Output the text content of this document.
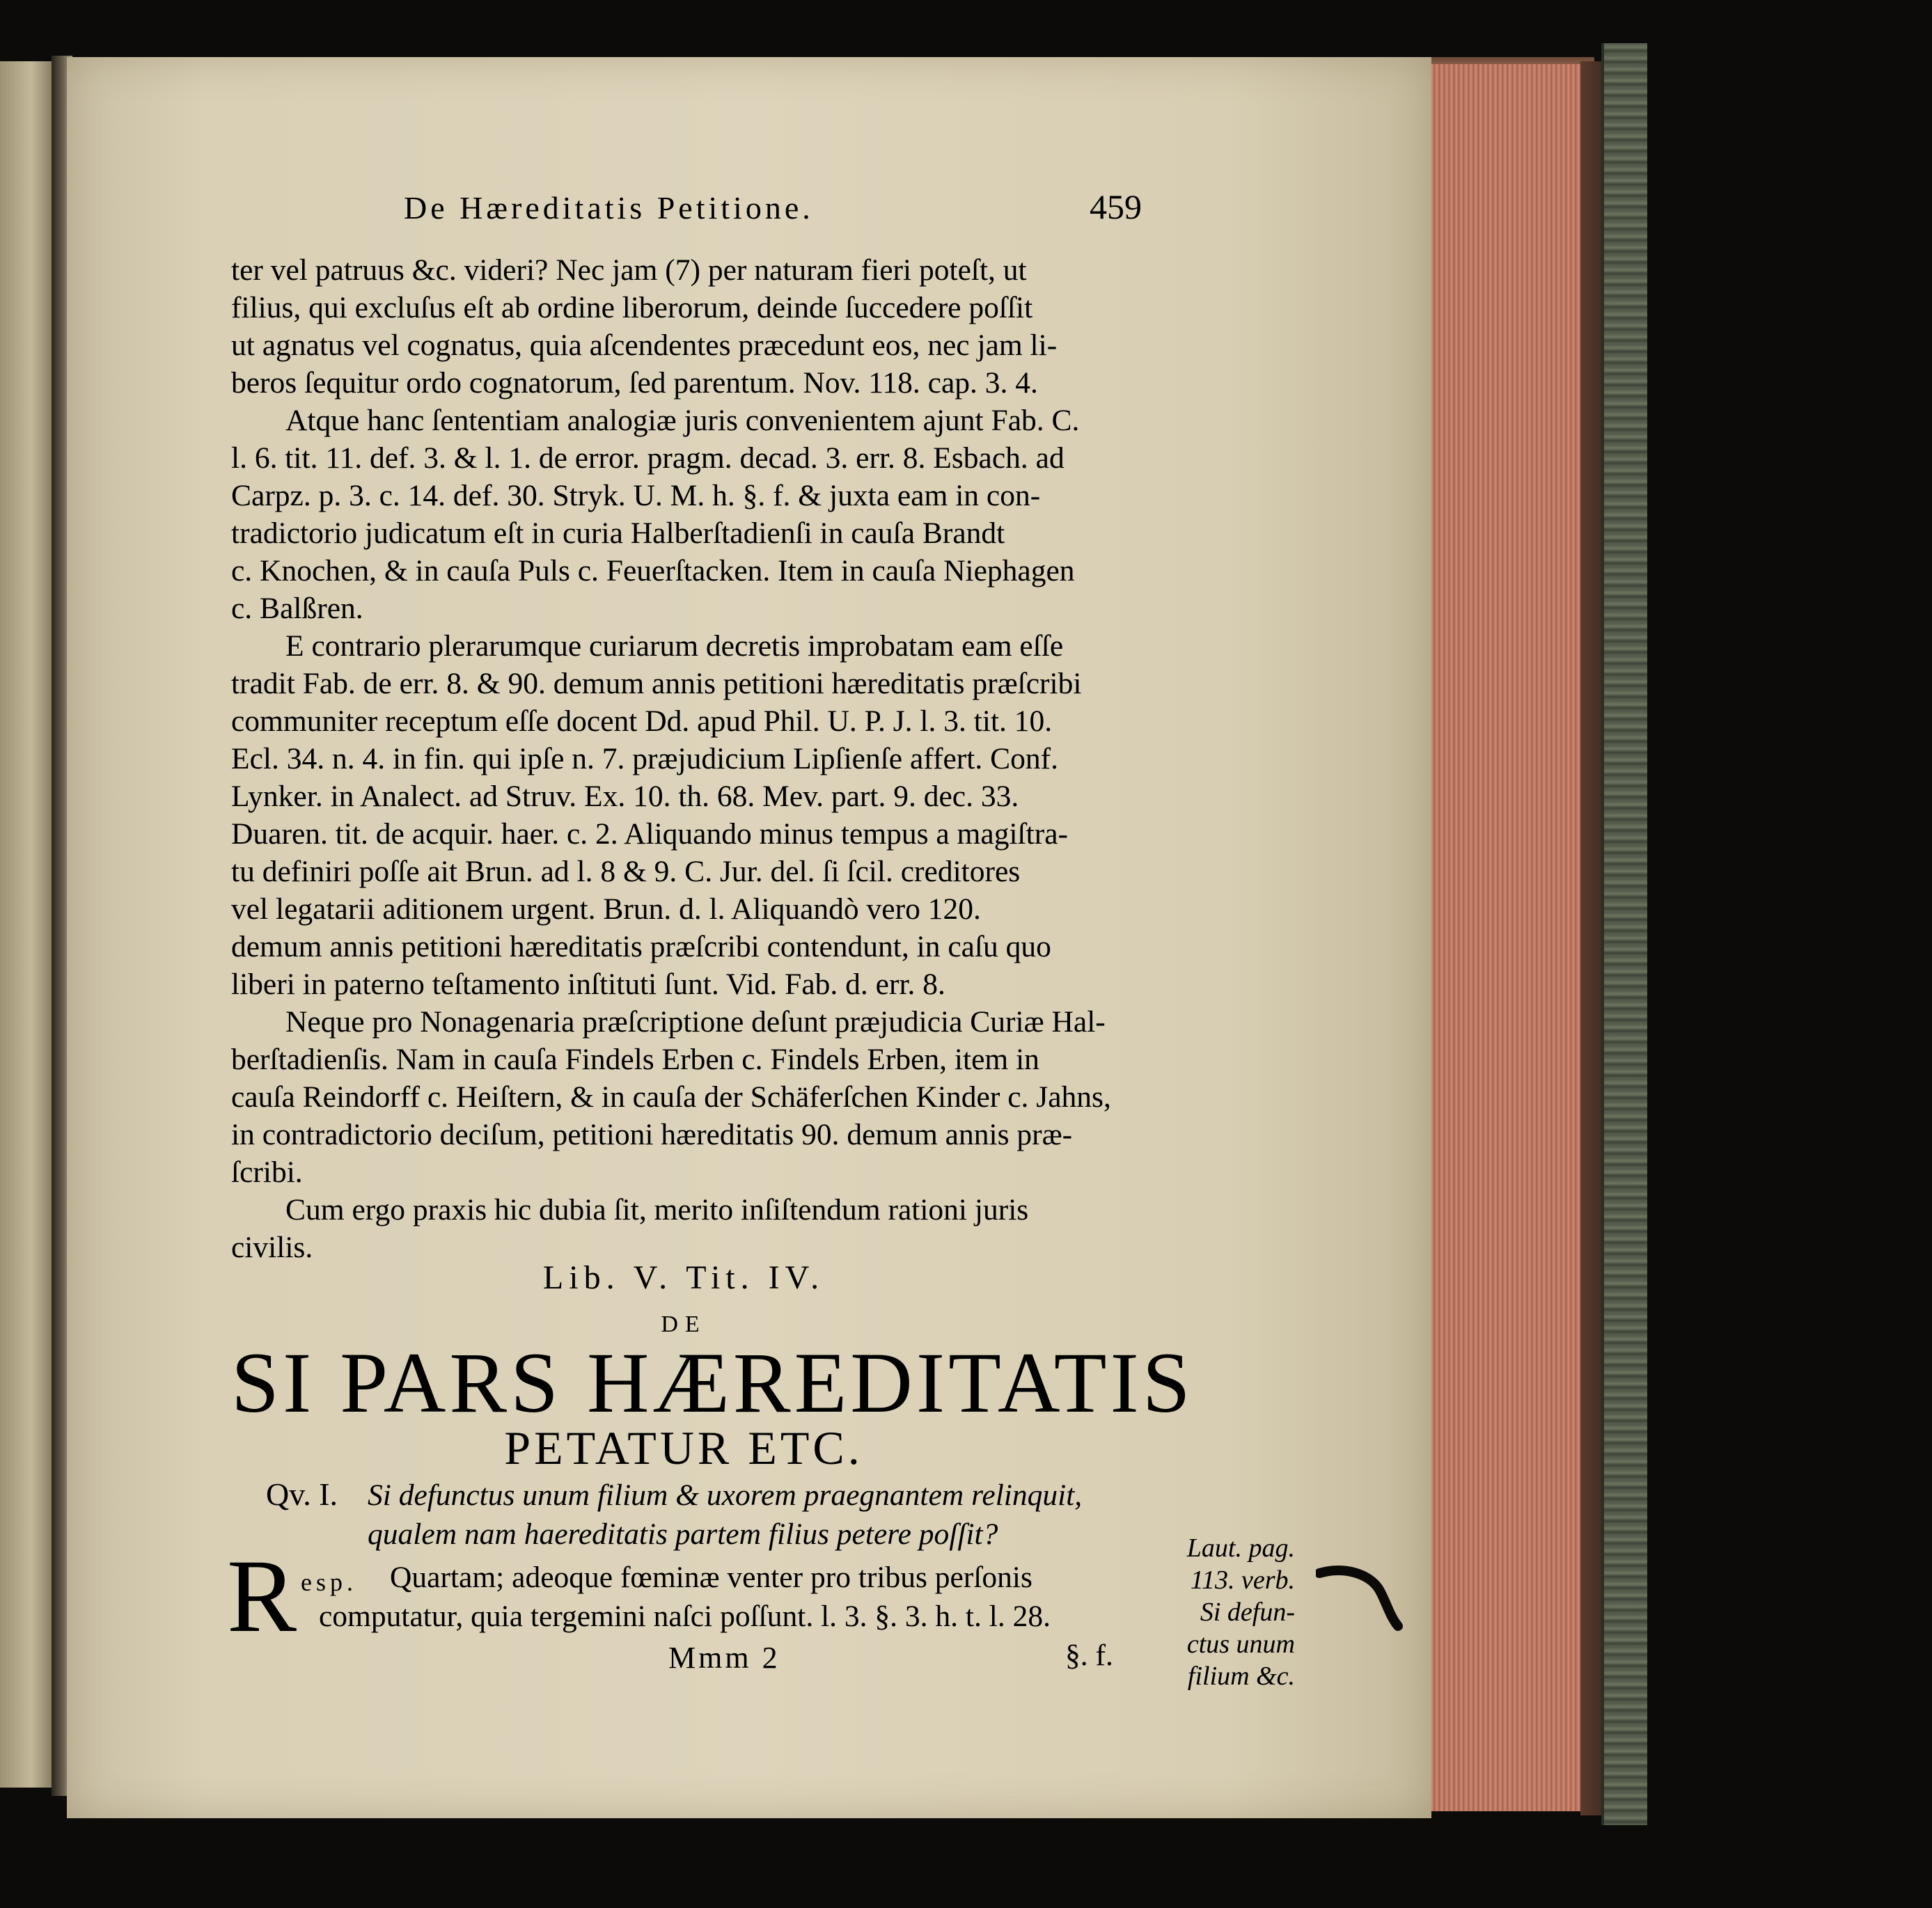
De Hæreditatis Petitione.	459
ter vel patruus &c. videri? Nec jam (7) per naturam fieri poteſt, ut
filius, qui excluſus eſt ab ordine liberorum, deinde ſuccedere poſſit
ut agnatus vel cognatus, quia aſcendentes præcedunt eos, nec jam li-
beros ſequitur ordo cognatorum, ſed parentum. Nov. 118. cap. 3. 4.
Atque hanc ſententiam analogiæ juris convenientem ajunt Fab. C.
l. 6. tit. 11. def. 3. & l. 1. de error. pragm. decad. 3. err. 8. Esbach. ad
Carpz. p. 3. c. 14. def. 30. Stryk. U. M. h. §. f. & juxta eam in con-
tradictorio judicatum eſt in curia Halberſtadienſi in cauſa Brandt
c. Knochen, & in cauſa Puls c. Feuerſtacken. Item in cauſa Niephagen
c. Balßren.
E contrario plerarumque curiarum decretis improbatam eam eſſe
tradit Fab. de err. 8. & 90. demum annis petitioni hæreditatis præſcribi
communiter receptum eſſe docent Dd. apud Phil. U. P. J. l. 3. tit. 10.
Ecl. 34. n. 4. in fin. qui ipſe n. 7. præjudicium Lipſienſe affert. Conf.
Lynker. in Analect. ad Struv. Ex. 10. th. 68. Mev. part. 9. dec. 33.
Duaren. tit. de acquir. haer. c. 2. Aliquando minus tempus a magiſtra-
tu definiri poſſe ait Brun. ad l. 8 & 9. C. Jur. del. ſi ſcil. creditores
vel legatarii aditionem urgent. Brun. d. l. Aliquandò vero 120.
demum annis petitioni hæreditatis præſcribi contendunt, in caſu quo
liberi in paterno teſtamento inſtituti ſunt. Vid. Fab. d. err. 8.
Neque pro Nonagenaria præſcriptione deſunt præjudicia Curiæ Hal-
berſtadienſis. Nam in cauſa Findels Erben c. Findels Erben, item in
cauſa Reindorff c. Heiſtern, & in cauſa der Schäferſchen Kinder c. Jahns,
in contradictorio deciſum, petitioni hæreditatis 90. demum annis præ-
ſcribi.
Cum ergo praxis hic dubia ſit, merito inſiſtendum rationi juris
civilis.
Lib. V. Tit. IV.
DE
SI PARS HÆREDITATIS
PETATUR ETC.
Qv. I. Si defunctus unum filium & uxorem praegnantem relinquit,
qualem nam haereditatis partem filius petere poſſit?
R esp. Quartam; adeoque fœminæ venter pro tribus perſonis
computatur, quia tergemini naſci poſſunt. l. 3. §. 3. h. t. l. 28.
§. f.
Mmm 2
Laut. pag.
113. verb.
Si defun-
ctus unum
filium &c.
